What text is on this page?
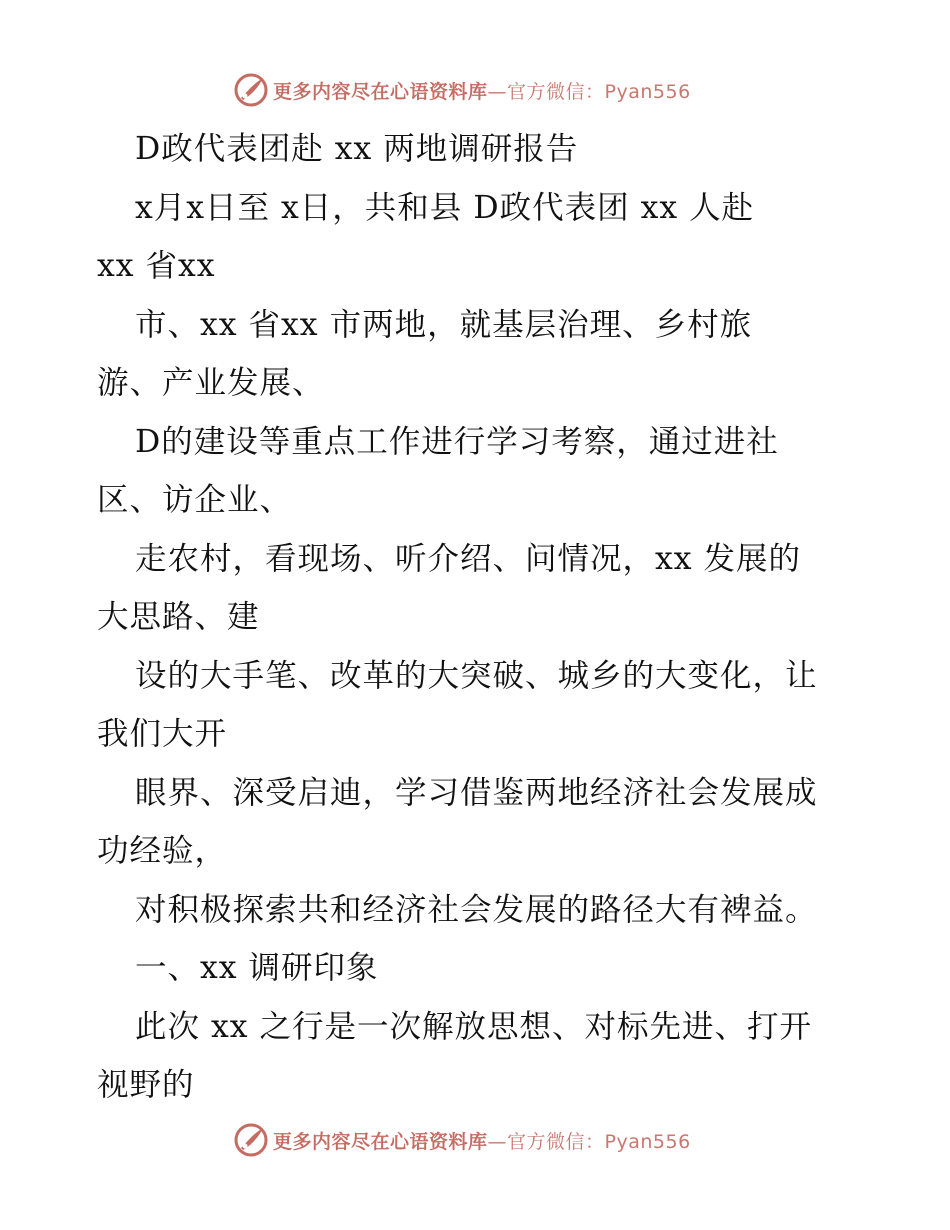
更多内容尽在心语资料库—官方微信：Pyan556
D政代表团赴 xx 两地调研报告
x月x日至 x日，共和县 D政代表团 xx 人赴
xx 省xx
市、xx 省xx 市两地，就基层治理、乡村旅
游、产业发展、
D的建设等重点工作进行学习考察，通过进社
区、访企业、
走农村，看现场、听介绍、问情况，xx 发展的
大思路、建
设的大手笔、改革的大突破、城乡的大变化，让
我们大开
眼界、深受启迪，学习借鉴两地经济社会发展成
功经验，
对积极探索共和经济社会发展的路径大有裨益。
一、xx 调研印象
此次 xx 之行是一次解放思想、对标先进、打开
视野的
更多内容尽在心语资料库—官方微信：Pyan556
